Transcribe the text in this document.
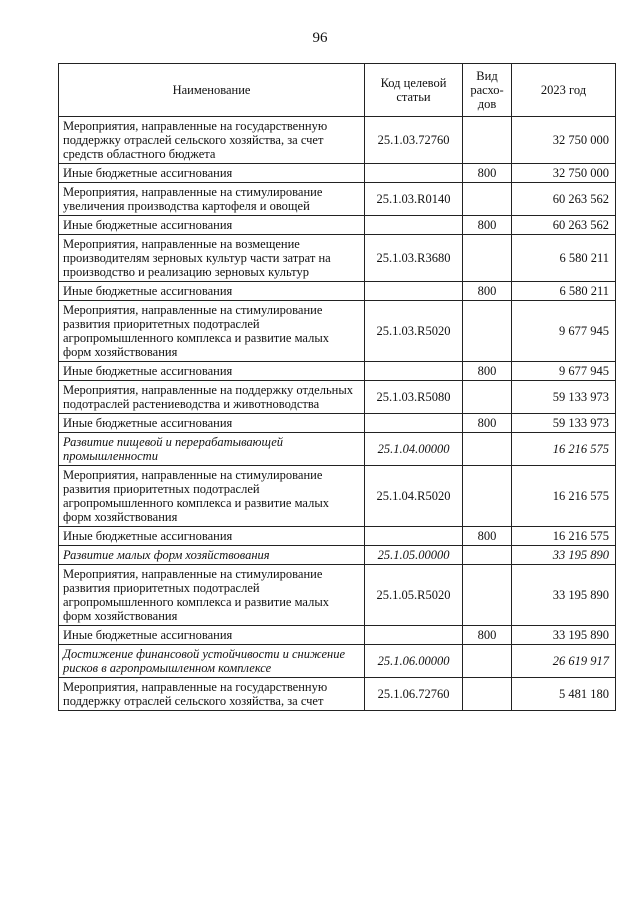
96
Наименование	Код целевой статьи	Вид расхо-дов	2023 год
Мероприятия, направленные на государственную поддержку отраслей сельского хозяйства, за счет средств областного бюджета	25.1.03.72760		32 750 000
Иные бюджетные ассигнования		800	32 750 000
Мероприятия, направленные на стимулирование увеличения производства картофеля и овощей	25.1.03.R0140		60 263 562
Иные бюджетные ассигнования		800	60 263 562
Мероприятия, направленные на возмещение производителям зерновых культур части затрат на производство и реализацию зерновых культур	25.1.03.R3680		6 580 211
Иные бюджетные ассигнования		800	6 580 211
Мероприятия, направленные на стимулирование развития приоритетных подотраслей агропромышленного комплекса и развитие малых форм хозяйствования	25.1.03.R5020		9 677 945
Иные бюджетные ассигнования		800	9 677 945
Мероприятия, направленные на поддержку отдельных подотраслей растениеводства и животноводства	25.1.03.R5080		59 133 973
Иные бюджетные ассигнования		800	59 133 973
Развитие пищевой и перерабатывающей промышленности	25.1.04.00000		16 216 575
Мероприятия, направленные на стимулирование развития приоритетных подотраслей агропромышленного комплекса и развитие малых форм хозяйствования	25.1.04.R5020		16 216 575
Иные бюджетные ассигнования		800	16 216 575
Развитие малых форм хозяйствования	25.1.05.00000		33 195 890
Мероприятия, направленные на стимулирование развития приоритетных подотраслей агропромышленного комплекса и развитие малых форм хозяйствования	25.1.05.R5020		33 195 890
Иные бюджетные ассигнования		800	33 195 890
Достижение финансовой устойчивости и снижение рисков в агропромышленном комплексе	25.1.06.00000		26 619 917
Мероприятия, направленные на государственную поддержку отраслей сельского хозяйства, за счет	25.1.06.72760		5 481 180
